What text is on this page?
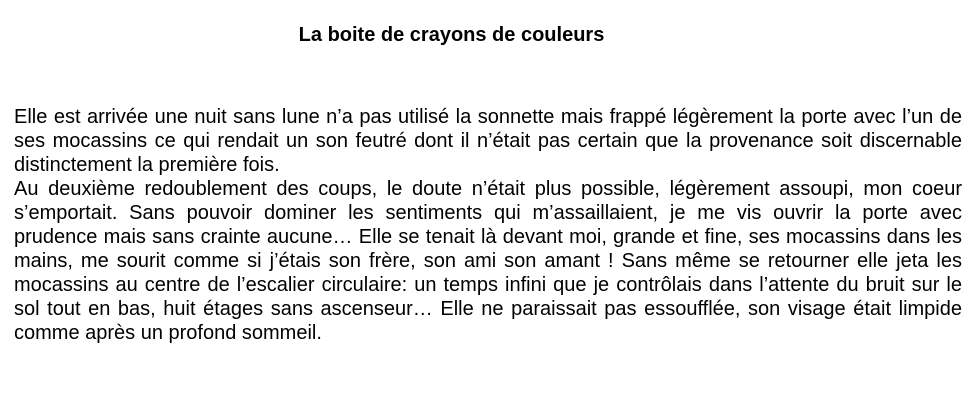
La boite de crayons de couleurs

Elle est arrivée une nuit sans lune n’a pas utilisé la sonnette mais frappé légèrement la porte avec l’un de ses mocassins ce qui rendait un son feutré dont il n’était pas certain que la provenance soit discernable distinctement la première fois.

Au deuxième redoublement des coups, le doute n’était plus possible, légèrement assoupi, mon coeur s’emportait. Sans pouvoir dominer les sentiments qui m’assaillaient, je me vis ouvrir la porte avec prudence mais sans crainte aucune… Elle se tenait là devant moi, grande et fine, ses mocassins dans les mains, me sourit comme si j’étais son frère, son ami son amant ! Sans même se retourner elle jeta les mocassins au centre de l’escalier circulaire: un temps infini que je contrôlais dans l’attente du bruit sur le sol tout en bas, huit étages sans ascenseur… Elle ne paraissait pas essoufflée, son visage était limpide comme après un profond sommeil.
